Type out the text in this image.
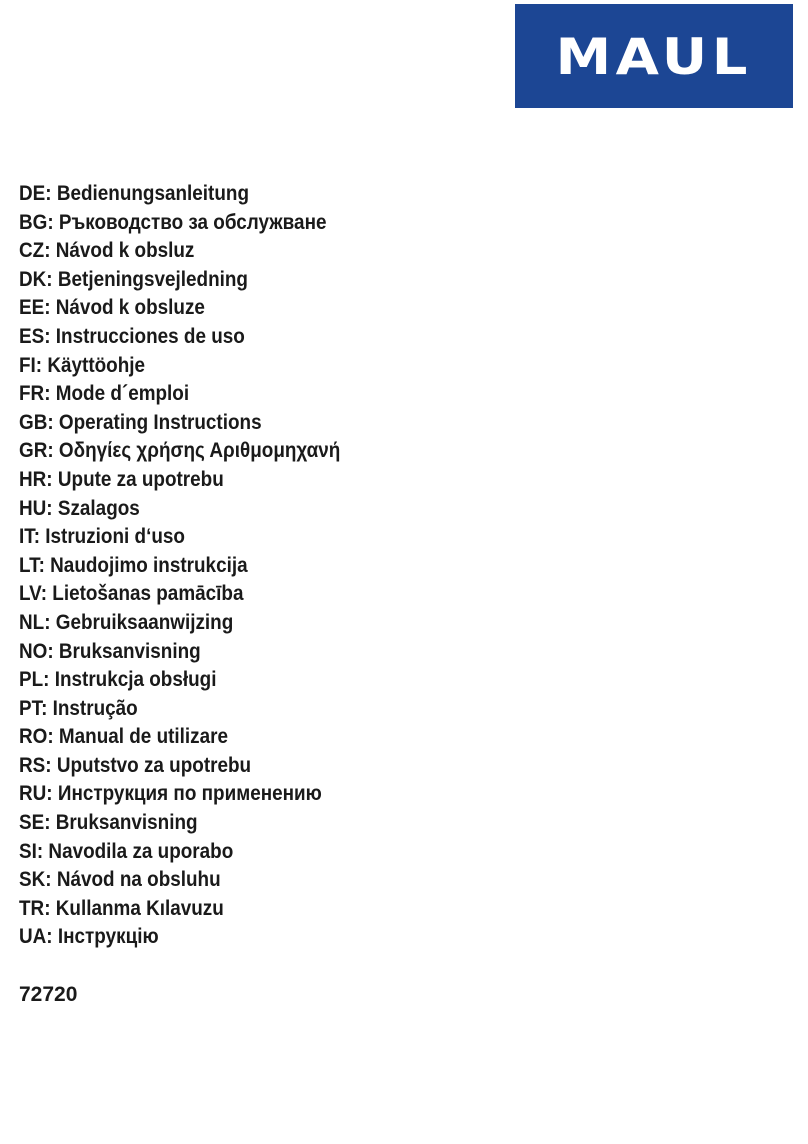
MAUL
DE: Bedienungsanleitung
BG: Ръководство за обслужване
CZ: Návod k obsluz
DK: Betjeningsvejledning
EE: Návod k obsluze
ES: Instrucciones de uso
FI: Käyttöohje
FR: Mode d´emploi
GB: Operating Instructions
GR: Οδηγίες χρήσης Αριθμομηχανή
HR: Upute za upotrebu
HU: Szalagos
IT: Istruzioni d‘uso
LT: Naudojimo instrukcija
LV: Lietošanas pamācība
NL: Gebruiksaanwijzing
NO: Bruksanvisning
PL: Instrukcja obsługi
PT: Instrução
RO: Manual de utilizare
RS: Uputstvo za upotrebu
RU: Инструкция по применению
SE: Bruksanvisning
SI: Navodila za uporabo
SK: Návod na obsluhu
TR: Kullanma Kılavuzu
UA: Інструкцію
72720
